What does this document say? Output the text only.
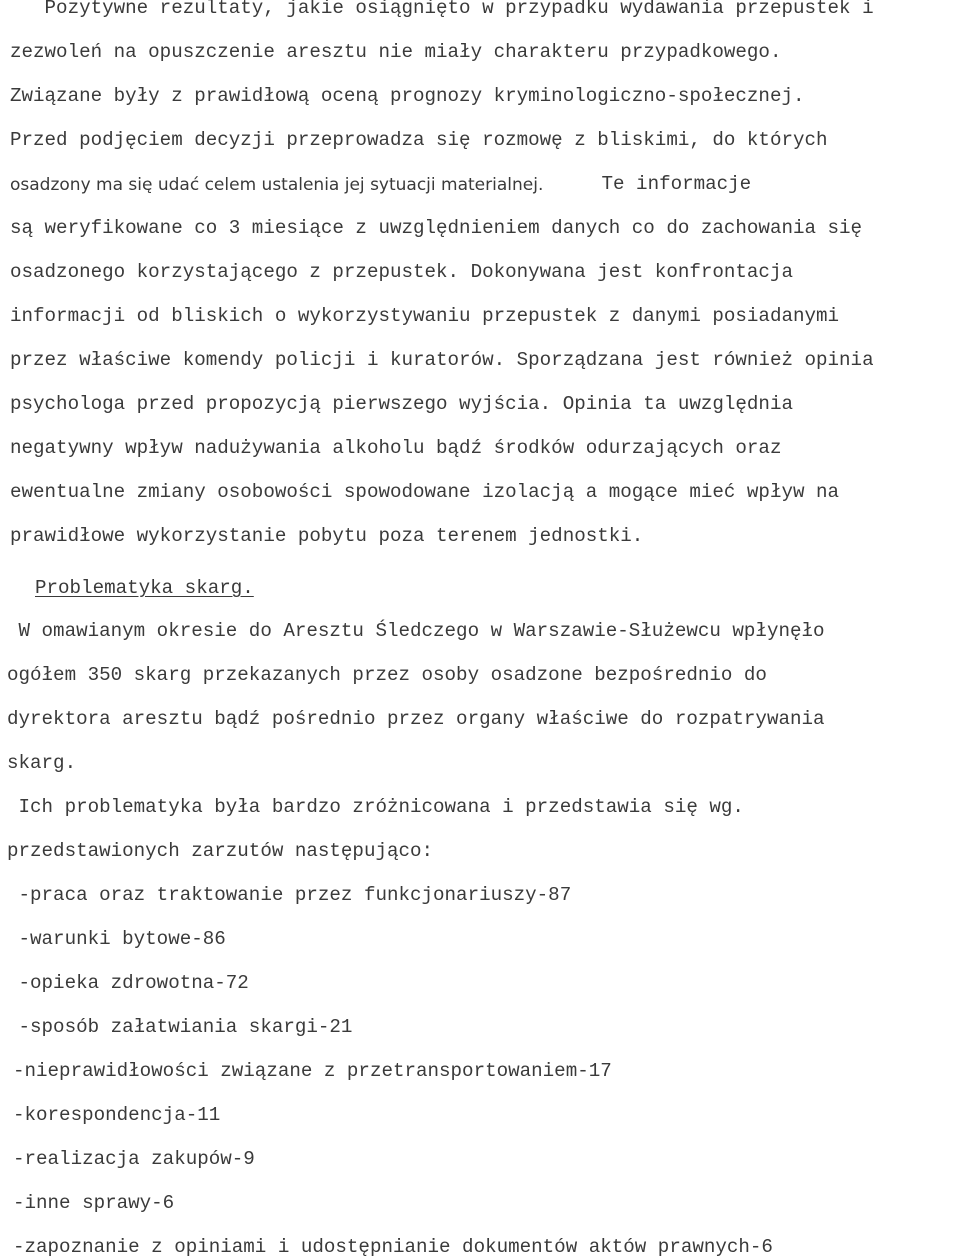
Pozytywne rezultaty, jakie osiągnięto w przypadku wydawania przepustek i
zezwoleń na opuszczenie aresztu nie miały charakteru przypadkowego.
Związane były z prawidłową oceną prognozy kryminologiczno-społecznej.
Przed podjęciem decyzji przeprowadza się rozmowę z bliskimi, do których
osadzony ma się udać celem ustalenia jej sytuacji materialnej. Te informacje
są weryfikowane co 3 miesiące z uwzględnieniem danych co do zachowania się
osadzonego korzystającego z przepustek. Dokonywana jest konfrontacja
informacji od bliskich o wykorzystywaniu przepustek z danymi posiadanymi
przez właściwe komendy policji i kuratorów. Sporządzana jest również opinia
psychologa przed propozycją pierwszego wyjścia. Opinia ta uwzględnia
negatywny wpływ nadużywania alkoholu bądź środków odurzających oraz
ewentualne zmiany osobowości spowodowane izolacją a mogące mieć wpływ na
prawidłowe wykorzystanie pobytu poza terenem jednostki.
Problematyka skarg.
W omawianym okresie do Aresztu Śledczego w Warszawie-Służewcu wpłynęło
ogółem 350 skarg przekazanych przez osoby osadzone bezpośrednio do
dyrektora aresztu bądź pośrednio przez organy właściwe do rozpatrywania
skarg.
Ich problematyka była bardzo zróżnicowana i przedstawia się wg.
przedstawionych zarzutów następująco:
-praca oraz traktowanie przez funkcjonariuszy-87
-warunki bytowe-86
-opieka zdrowotna-72
-sposób załatwiania skargi-21
-nieprawidłowości związane z przetransportowaniem-17
-korespondencja-11
-realizacja zakupów-9
-inne sprawy-6
-zapoznanie z opiniami i udostępnianie dokumentów aktów prawnych-6
